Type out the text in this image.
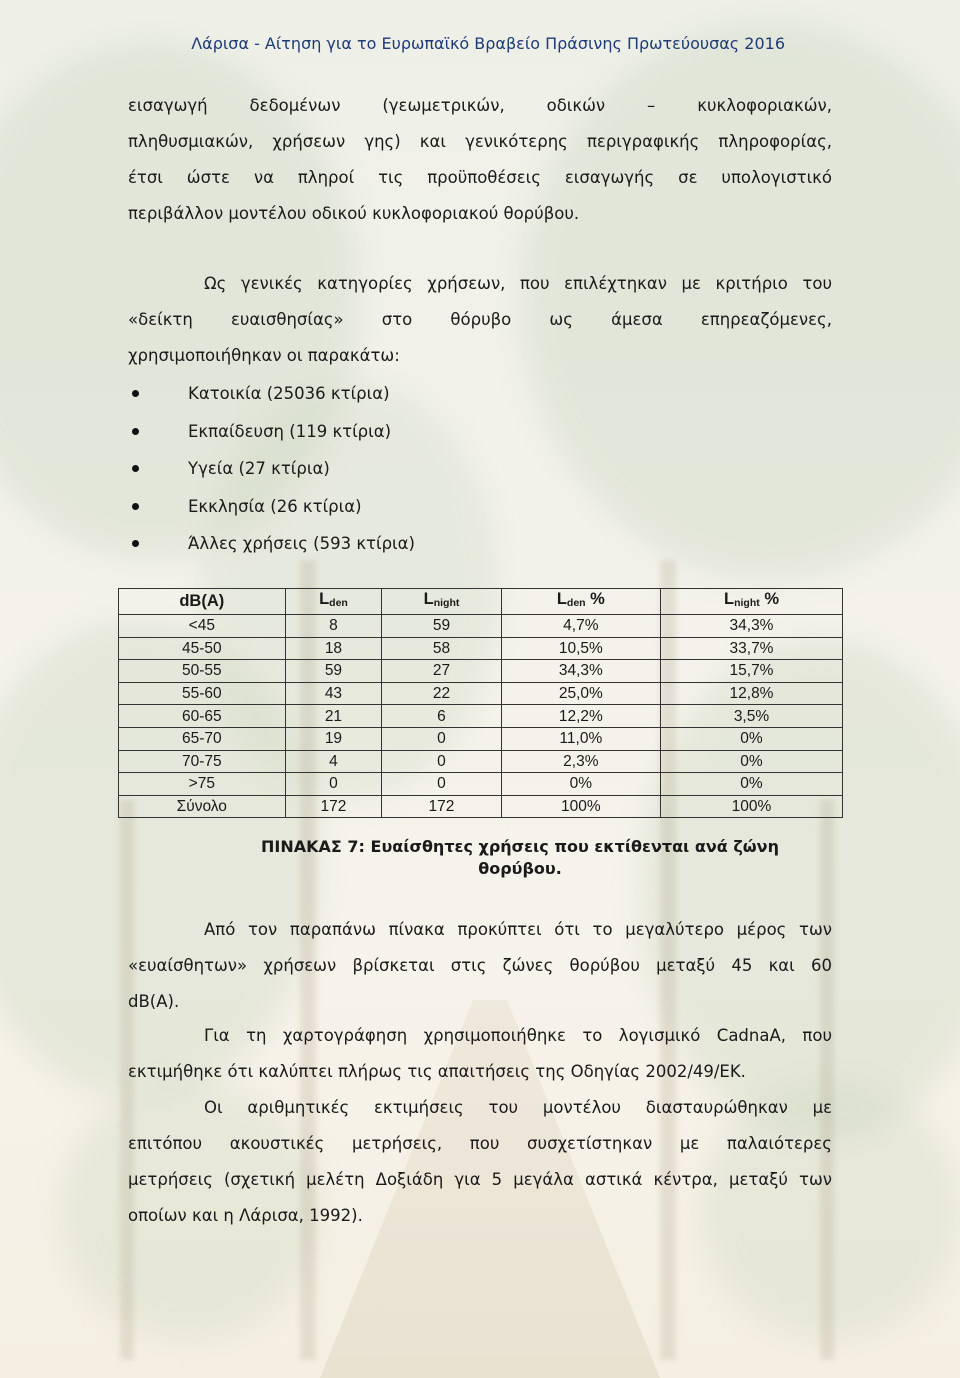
Λάρισα - Αίτηση για το Ευρωπαϊκό Βραβείο Πράσινης Πρωτεύουσας 2016
εισαγωγή δεδομένων (γεωμετρικών, οδικών – κυκλοφοριακών,
πληθυσμιακών, χρήσεων γης) και γενικότερης περιγραφικής πληροφορίας,
έτσι ώστε να πληροί τις προϋποθέσεις εισαγωγής σε υπολογιστικό
περιβάλλον μοντέλου οδικού κυκλοφοριακού θορύβου.
Ως γενικές κατηγορίες χρήσεων, που επιλέχτηκαν με κριτήριο του
«δείκτη ευαισθησίας» στο θόρυβο ως άμεσα επηρεαζόμενες,
χρησιμοποιήθηκαν οι παρακάτω:
Κατοικία (25036 κτίρια)
Εκπαίδευση (119 κτίρια)
Υγεία (27 κτίρια)
Εκκλησία (26 κτίρια)
Άλλες χρήσεις (593 κτίρια)
dB(A)	$L_{den}$	$L_{night}$	$L_{den}$ %	$L_{night}$ %
<45	8	59	4,7%	34,3%
45-50	18	58	10,5%	33,7%
50-55	59	27	34,3%	15,7%
55-60	43	22	25,0%	12,8%
60-65	21	6	12,2%	3,5%
65-70	19	0	11,0%	0%
70-75	4	0	2,3%	0%
>75	0	0	0%	0%
Σύνολο	172	172	100%	100%
ΠΙΝΑΚΑΣ 7: Ευαίσθητες χρήσεις που εκτίθενται ανά ζώνη
θορύβου.
Από τον παραπάνω πίνακα προκύπτει ότι το μεγαλύτερο μέρος των
«ευαίσθητων» χρήσεων βρίσκεται στις ζώνες θορύβου μεταξύ 45 και 60
dB(A).
Για τη χαρτογράφηση χρησιμοποιήθηκε το λογισμικό CadnaA, που
εκτιμήθηκε ότι καλύπτει πλήρως τις απαιτήσεις της Οδηγίας 2002/49/ΕΚ.
Οι αριθμητικές εκτιμήσεις του μοντέλου διασταυρώθηκαν με
επιτόπου ακουστικές μετρήσεις, που συσχετίστηκαν με παλαιότερες
μετρήσεις (σχετική μελέτη Δοξιάδη για 5 μεγάλα αστικά κέντρα, μεταξύ των
οποίων και η Λάρισα, 1992).
